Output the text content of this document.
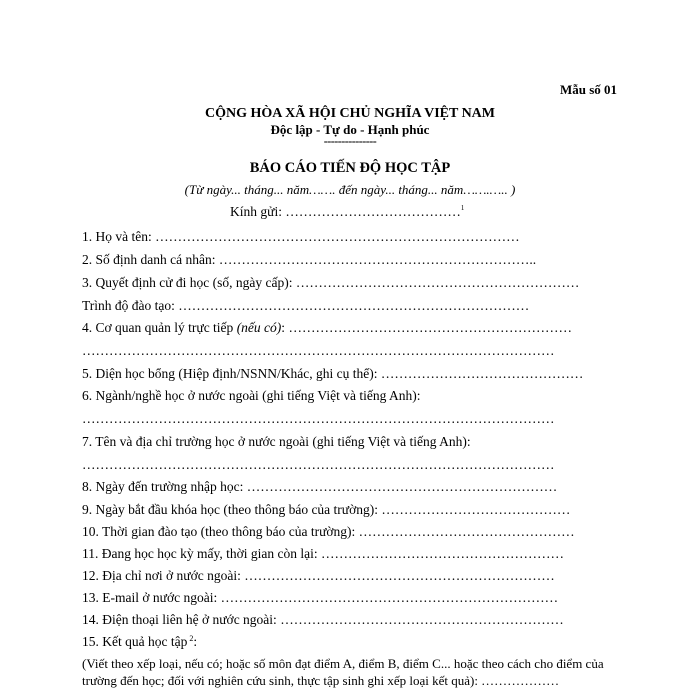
Mẫu số 01
CỘNG HÒA XÃ HỘI CHỦ NGHĨA VIỆT NAM
Độc lập - Tự do - Hạnh phúc
---------------
BÁO CÁO TIẾN ĐỘ HỌC TẬP
(Từ ngày... tháng... năm……. đến ngày... tháng... năm…….….. )
Kính gửi: …………………………………$^1$
1. Họ và tên: ………………………………………………………………………
2. Số định danh cá nhân: ……………………………………………………………..
3. Quyết định cử đi học (số, ngày cấp): ………………………………………………………
Trình độ đào tạo: ……………………………………………………………………
4. Cơ quan quản lý trực tiếp (nếu có): ………………………………………………………
……………………………………………………………………………………………
5. Diện học bổng (Hiệp định/NSNN/Khác, ghi cụ thể): ………………………………………
6. Ngành/nghề học ở nước ngoài (ghi tiếng Việt và tiếng Anh):
……………………………………………………………………………………………
7. Tên và địa chỉ trường học ở nước ngoài (ghi tiếng Việt và tiếng Anh):
……………………………………………………………………………………………
8. Ngày đến trường nhập học: ……………………………………………………………
9. Ngày bắt đầu khóa học (theo thông báo của trường): ……………………………………
10. Thời gian đào tạo (theo thông báo của trường): …………………………………………
11. Đang học học kỳ mấy, thời gian còn lại: ………………………………………………
12. Địa chỉ nơi ở nước ngoài: ……………………………………………………………
13. E-mail ở nước ngoài: …………………………………………………………………
14. Điện thoại liên hệ ở nước ngoài: ………………………………………………………
15. Kết quả học tập $^2$:
(Viết theo xếp loại, nếu có; hoặc số môn đạt điểm A, điểm B, điểm C... hoặc theo cách cho điểm của trường đến học; đối với nghiên cứu sinh, thực tập sinh ghi xếp loại kết quả): ………………
